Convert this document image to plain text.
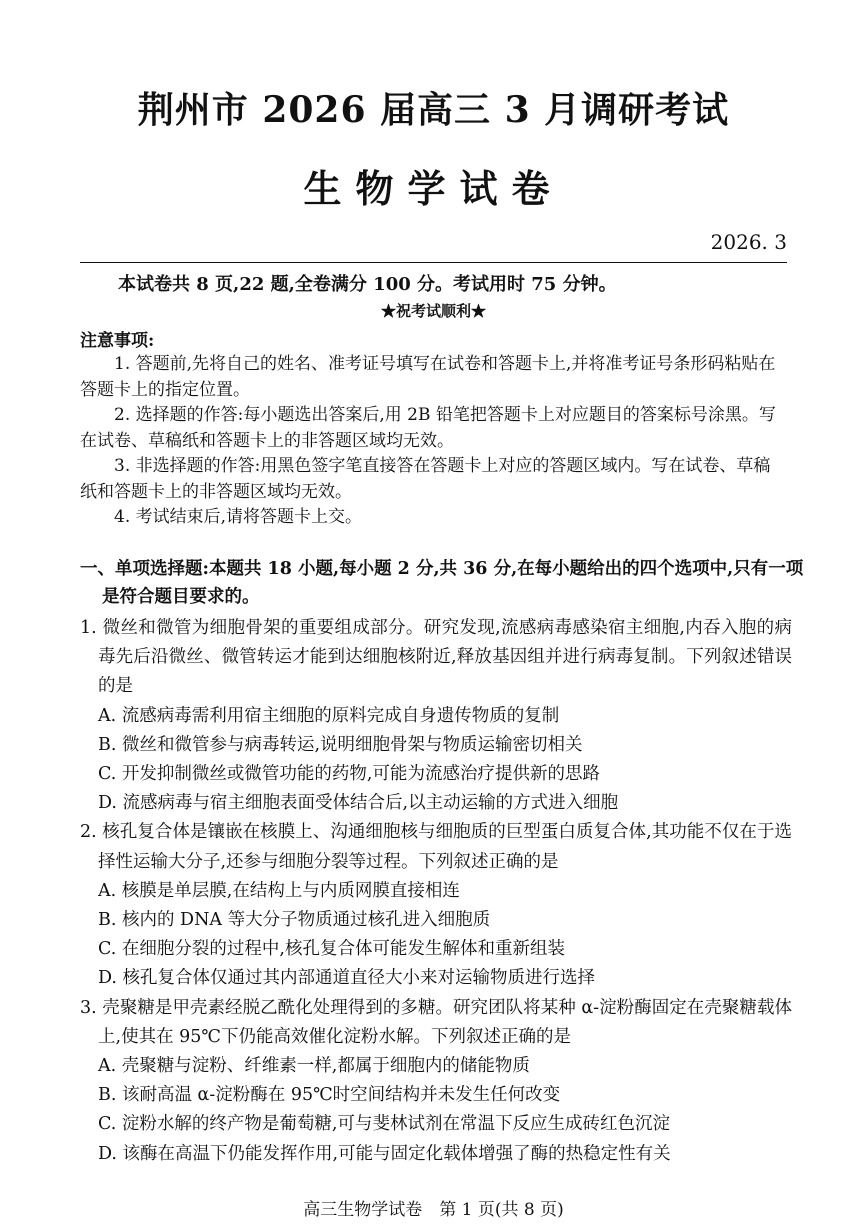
荆州市 2026 届高三 3 月调研考试
生物学试卷
2026. 3
本试卷共 8 页,22 题,全卷满分 100 分。考试用时 75 分钟。
★祝考试顺利★
注意事项:

1. 答题前,先将自己的姓名、准考证号填写在试卷和答题卡上,并将准考证号条形码粘贴在答题卡上的指定位置。

2. 选择题的作答:每小题选出答案后,用 2B 铅笔把答题卡上对应题目的答案标号涂黑。写在试卷、草稿纸和答题卡上的非答题区域均无效。

3. 非选择题的作答:用黑色签字笔直接答在答题卡上对应的答题区域内。写在试卷、草稿纸和答题卡上的非答题区域均无效。

4. 考试结束后,请将答题卡上交。

一、单项选择题:本题共 18 小题,每小题 2 分,共 36 分,在每小题给出的四个选项中,只有一项是符合题目要求的。
1. 微丝和微管为细胞骨架的重要组成部分。研究发现,流感病毒感染宿主细胞,内吞入胞的病毒先后沿微丝、微管转运才能到达细胞核附近,释放基因组并进行病毒复制。下列叙述错误的是
A. 流感病毒需利用宿主细胞的原料完成自身遗传物质的复制
B. 微丝和微管参与病毒转运,说明细胞骨架与物质运输密切相关
C. 开发抑制微丝或微管功能的药物,可能为流感治疗提供新的思路
D. 流感病毒与宿主细胞表面受体结合后,以主动运输的方式进入细胞
2. 核孔复合体是镶嵌在核膜上、沟通细胞核与细胞质的巨型蛋白质复合体,其功能不仅在于选择性运输大分子,还参与细胞分裂等过程。下列叙述正确的是
A. 核膜是单层膜,在结构上与内质网膜直接相连
B. 核内的 DNA 等大分子物质通过核孔进入细胞质
C. 在细胞分裂的过程中,核孔复合体可能发生解体和重新组装
D. 核孔复合体仅通过其内部通道直径大小来对运输物质进行选择
3. 壳聚糖是甲壳素经脱乙酰化处理得到的多糖。研究团队将某种 α-淀粉酶固定在壳聚糖载体上,使其在 95℃下仍能高效催化淀粉水解。下列叙述正确的是
A. 壳聚糖与淀粉、纤维素一样,都属于细胞内的储能物质
B. 该耐高温 α-淀粉酶在 95℃时空间结构并未发生任何改变
C. 淀粉水解的终产物是葡萄糖,可与斐林试剂在常温下反应生成砖红色沉淀
D. 该酶在高温下仍能发挥作用,可能与固定化载体增强了酶的热稳定性有关
高三生物学试卷　第 1 页(共 8 页)
